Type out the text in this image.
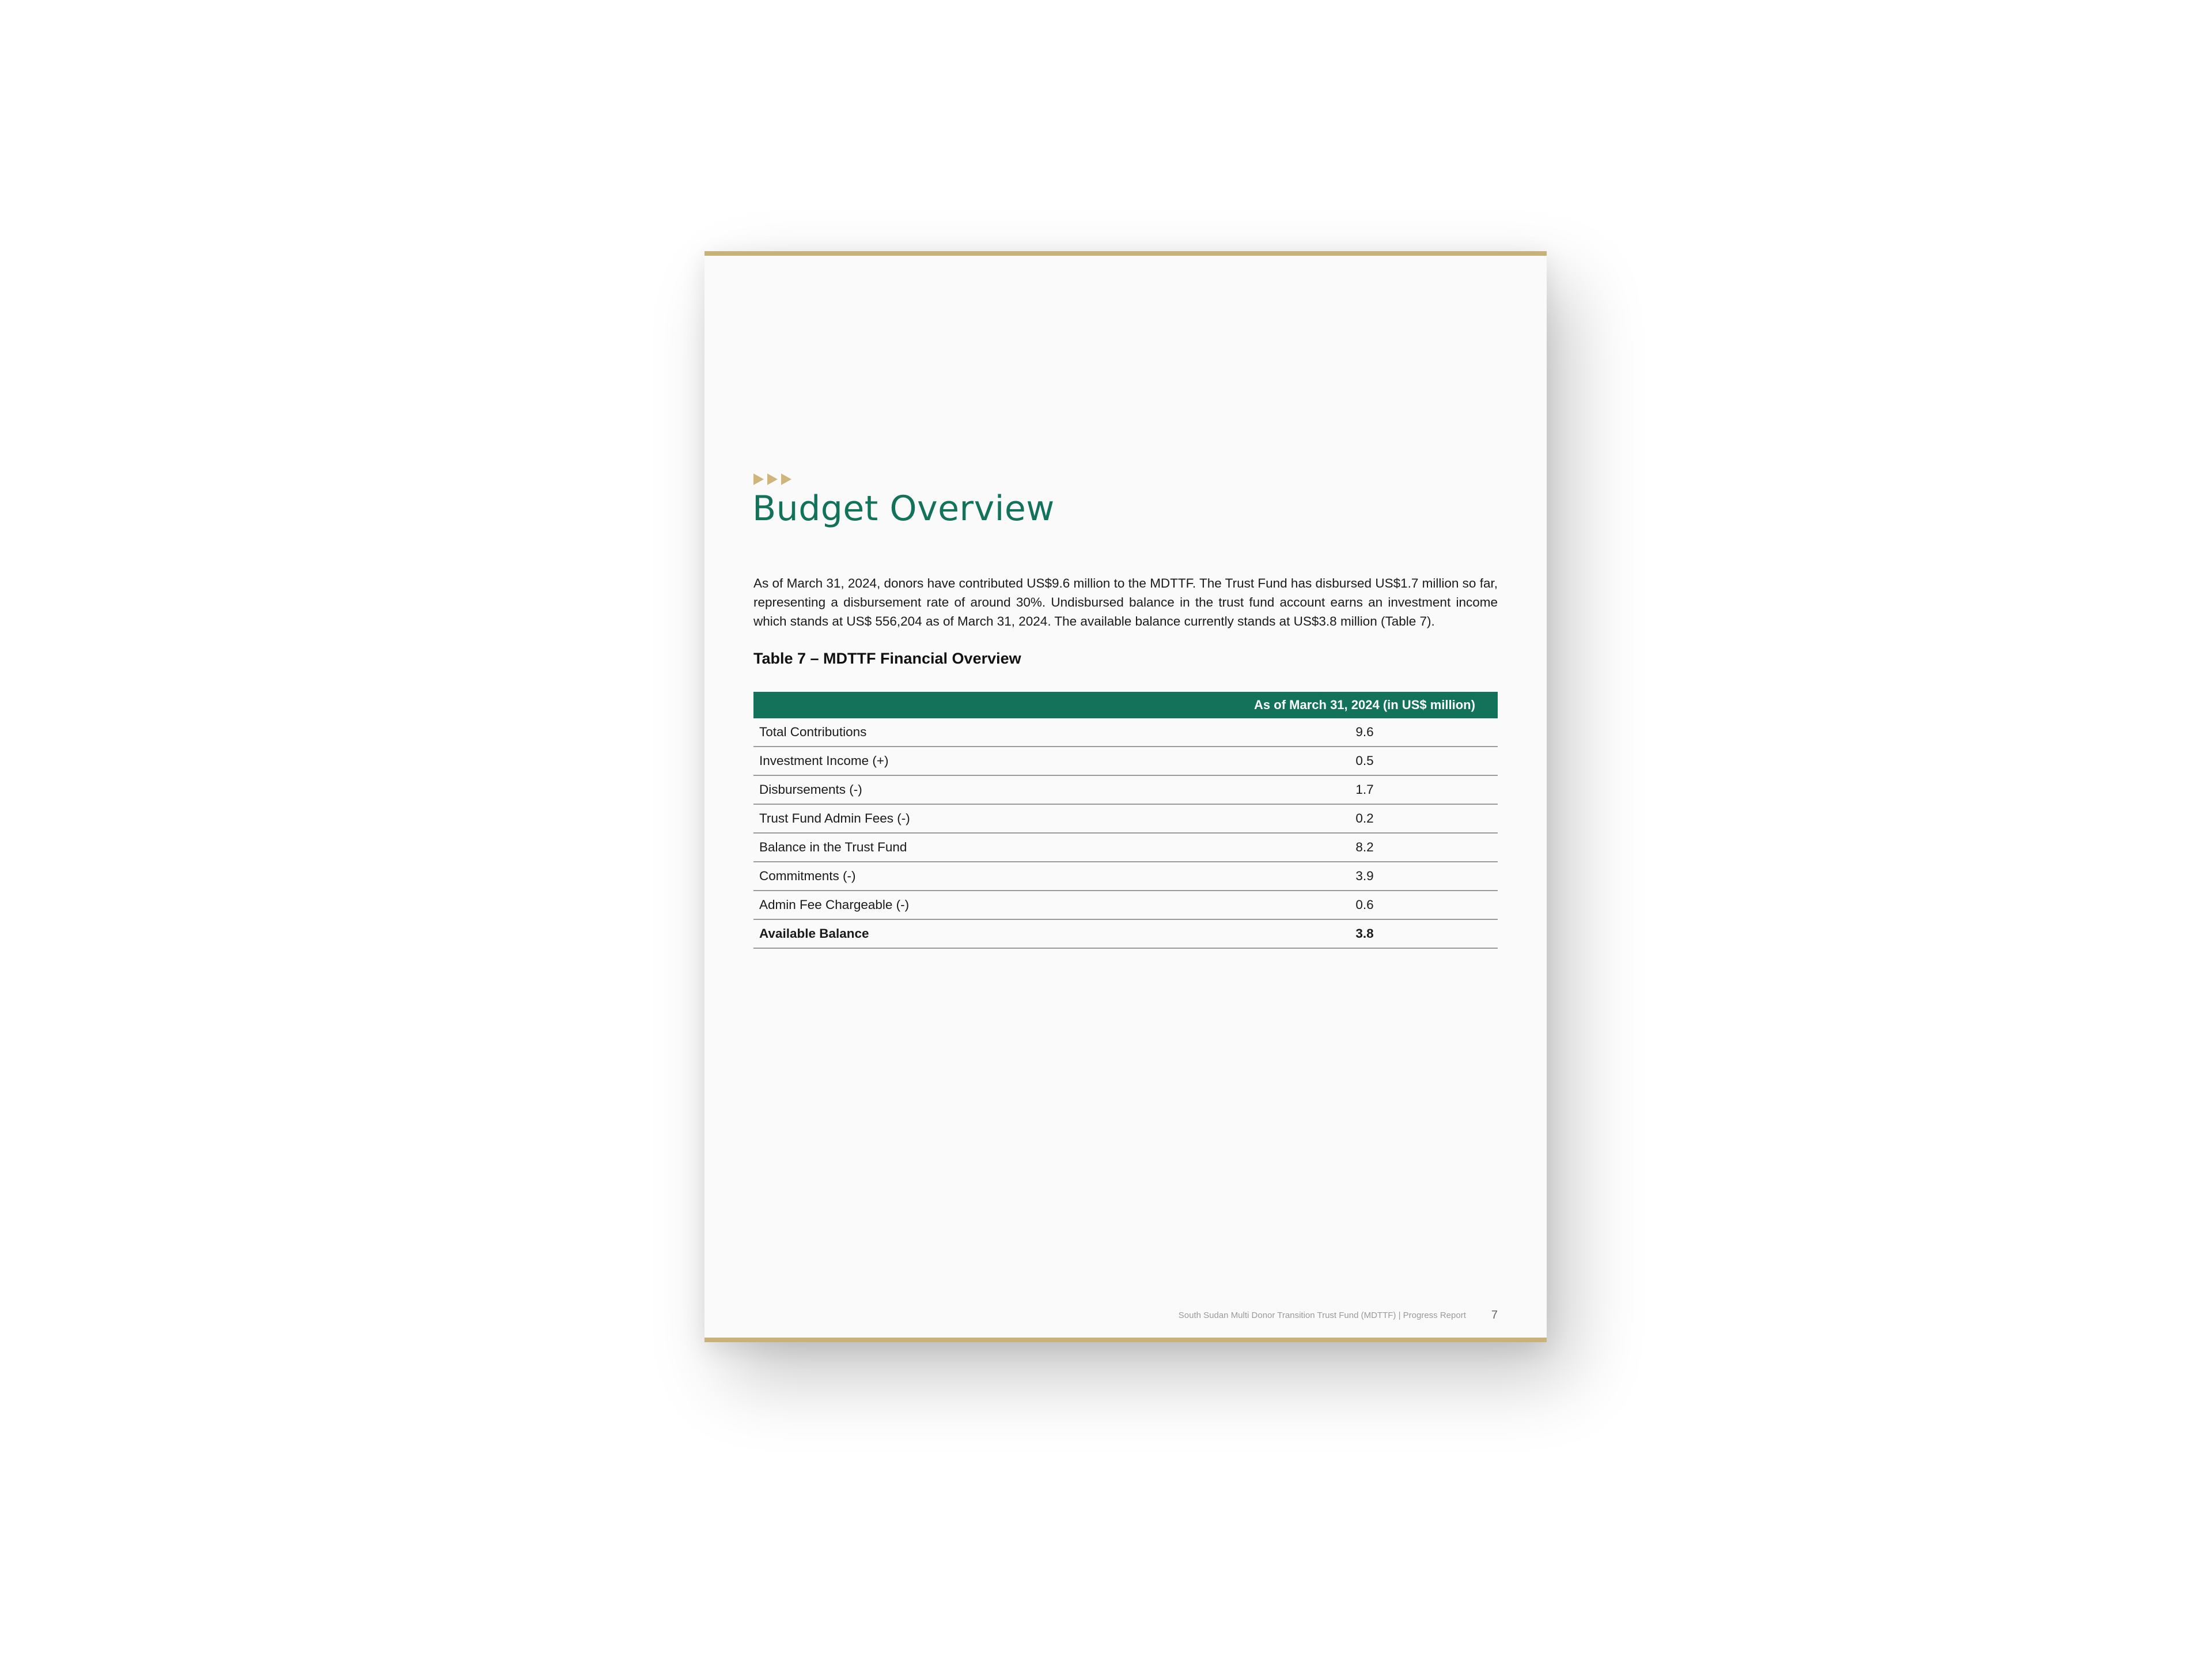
Budget Overview

As of March 31, 2024, donors have contributed US$9.6 million to the MDTTF. The Trust Fund has disbursed US$1.7 million so far, representing a disbursement rate of around 30%. Undisbursed balance in the trust fund account earns an investment income which stands at US$ 556,204 as of March 31, 2024. The available balance currently stands at US$3.8 million (Table 7).

Table 7 – MDTTF Financial Overview

	As of March 31, 2024 (in US$ million)
Total Contributions	9.6
Investment Income (+)	0.5
Disbursements (-)	1.7
Trust Fund Admin Fees (-)	0.2
Balance in the Trust Fund	8.2
Commitments (-)	3.9
Admin Fee Chargeable (-)	0.6
Available Balance	3.8
South Sudan Multi Donor Transition Trust Fund (MDTTF) | Progress Report 7
